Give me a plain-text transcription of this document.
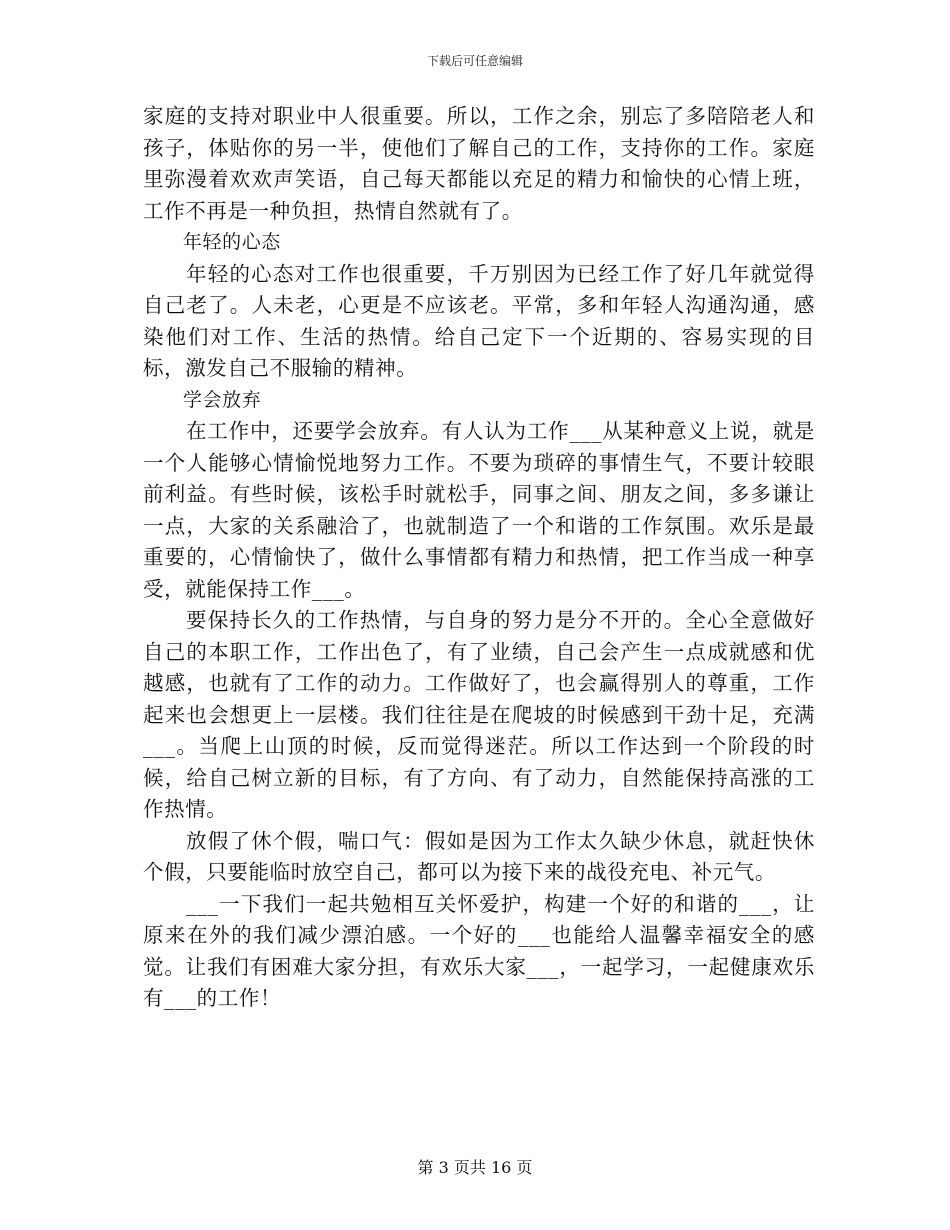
下载后可任意编辑

家庭的支持对职业中人很重要。所以，工作之余，别忘了多陪陪老人和孩子，体贴你的另一半，使他们了解自己的工作，支持你的工作。家庭里弥漫着欢欢声笑语，自己每天都能以充足的精力和愉快的心情上班，工作不再是一种负担，热情自然就有了。

年轻的心态

年轻的心态对工作也很重要，千万别因为已经工作了好几年就觉得自己老了。人未老，心更是不应该老。平常，多和年轻人沟通沟通，感染他们对工作、生活的热情。给自己定下一个近期的、容易实现的目标，激发自己不服输的精神。

学会放弃

在工作中，还要学会放弃。有人认为工作___从某种意义上说，就是一个人能够心情愉悦地努力工作。不要为琐碎的事情生气，不要计较眼前利益。有些时候，该松手时就松手，同事之间、朋友之间，多多谦让一点，大家的关系融洽了，也就制造了一个和谐的工作氛围。欢乐是最重要的，心情愉快了，做什么事情都有精力和热情，把工作当成一种享受，就能保持工作___。

要保持长久的工作热情，与自身的努力是分不开的。全心全意做好自己的本职工作，工作出色了，有了业绩，自己会产生一点成就感和优越感，也就有了工作的动力。工作做好了，也会赢得别人的尊重，工作起来也会想更上一层楼。我们往往是在爬坡的时候感到干劲十足，充满___。当爬上山顶的时候，反而觉得迷茫。所以工作达到一个阶段的时候，给自己树立新的目标，有了方向、有了动力，自然能保持高涨的工作热情。

放假了休个假，喘口气：假如是因为工作太久缺少休息，就赶快休个假，只要能临时放空自己，都可以为接下来的战役充电、补元气。

___一下我们一起共勉相互关怀爱护，构建一个好的和谐的___，让原来在外的我们减少漂泊感。一个好的___也能给人温馨幸福安全的感觉。让我们有困难大家分担，有欢乐大家___，一起学习，一起健康欢乐有___的工作！

第 3 页共 16 页
